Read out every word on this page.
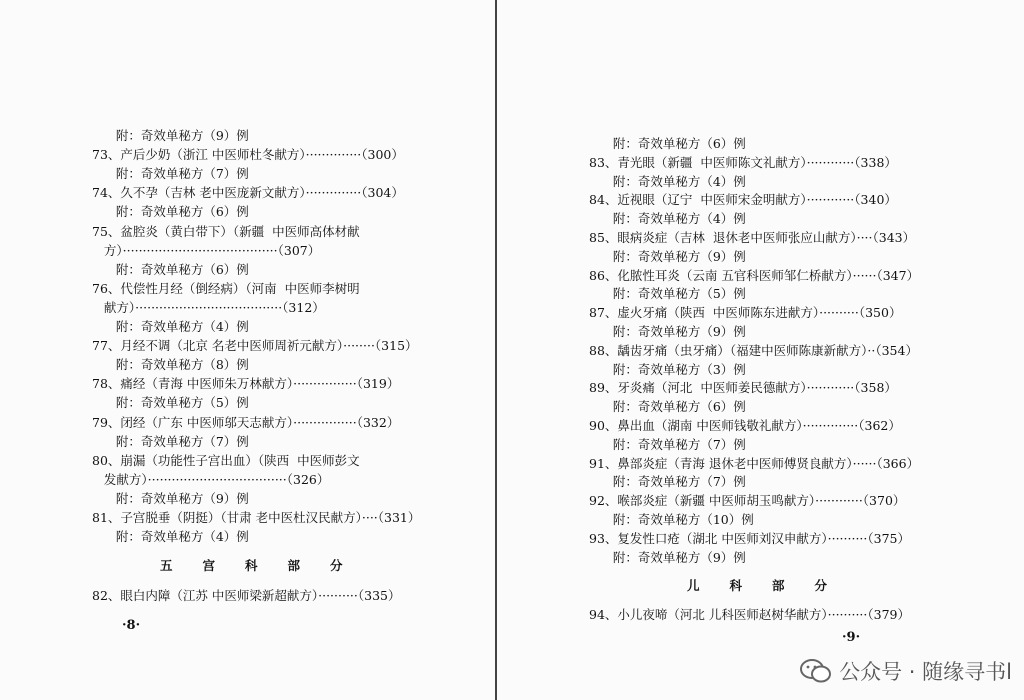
附：奇效单秘方（9）例
73、产后少奶（浙江 中医师杜冬献方）··············（300）
附：奇效单秘方（7）例
74、久不孕（吉林 老中医庞新文献方）··············（304）
附：奇效单秘方（6）例
75、盆腔炎（黄白带下）（新疆  中医师高体材献
方）·······································（307）
附：奇效单秘方（6）例
76、代偿性月经（倒经病）（河南  中医师李树明
献方）·····································（312）
附：奇效单秘方（4）例
77、月经不调（北京 名老中医师周祈元献方）········（315）
附：奇效单秘方（8）例
78、痛经（青海 中医师朱万林献方）················（319）
附：奇效单秘方（5）例
79、闭经（广东 中医师邬天志献方）················（332）
附：奇效单秘方（7）例
80、崩漏（功能性子宫出血）（陕西  中医师彭文
发献方）···································（326）
附：奇效单秘方（9）例
81、子宫脱垂（阴挺）（甘肃 老中医杜汉民献方）····（331）
附：奇效单秘方（4）例
五宫科部分
82、眼白内障（江苏 中医师梁新超献方）··········（335）
·8·
附：奇效单秘方（6）例
83、青光眼（新疆  中医师陈文礼献方）············（338）
附：奇效单秘方（4）例
84、近视眼（辽宁  中医师宋金明献方）············（340）
附：奇效单秘方（4）例
85、眼病炎症（吉林  退休老中医师张应山献方）····（343）
附：奇效单秘方（9）例
86、化脓性耳炎（云南 五官科医师邹仁桥献方）······（347）
附：奇效单秘方（5）例
87、虚火牙痛（陕西  中医师陈东进献方）··········（350）
附：奇效单秘方（9）例
88、龋齿牙痛（虫牙痛）（福建中医师陈康新献方）··（354）
附：奇效单秘方（3）例
89、牙炎痛（河北  中医师姜民德献方）············（358）
附：奇效单秘方（6）例
90、鼻出血（湖南 中医师钱敬礼献方）··············（362）
附：奇效单秘方（7）例
91、鼻部炎症（青海 退休老中医师傅贤良献方）······（366）
附：奇效单秘方（7）例
92、喉部炎症（新疆 中医师胡玉鸣献方）············（370）
附：奇效单秘方（10）例
93、复发性口疮（湖北 中医师刘汉申献方）··········（375）
附：奇效单秘方（9）例
儿科部分
94、小儿夜啼（河北 儿科医师赵树华献方）··········（379）
·9·
公众号 · 随缘寻书l
